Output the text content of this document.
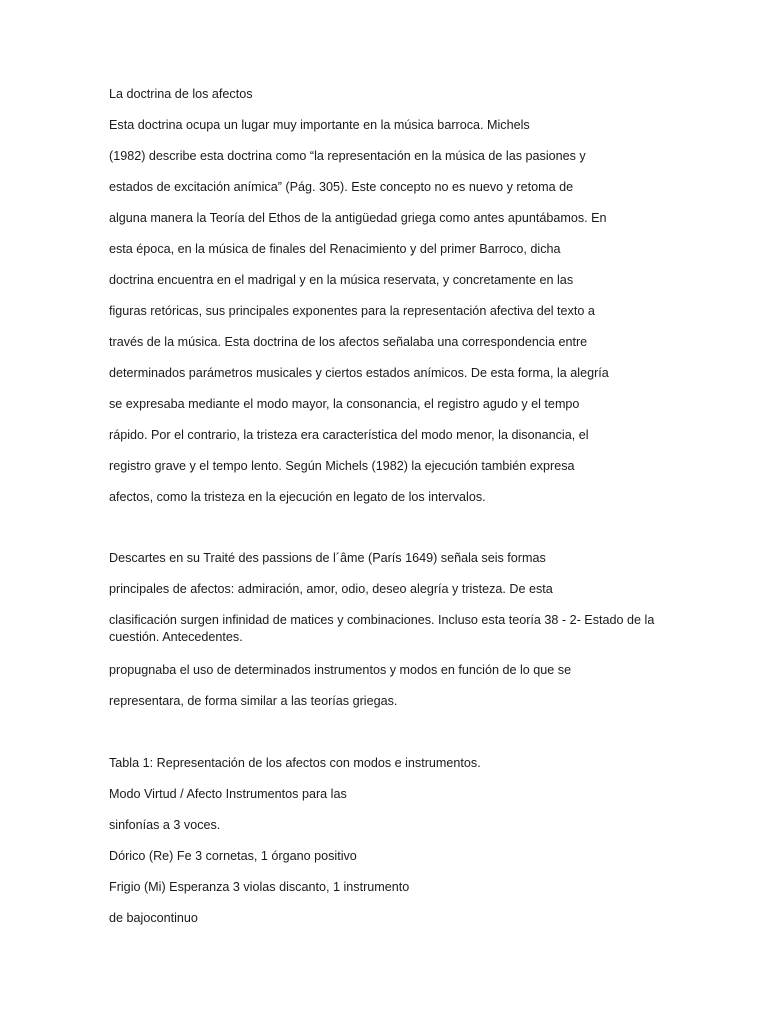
La doctrina de los afectos
Esta doctrina ocupa un lugar muy importante en la música barroca. Michels
(1982) describe esta doctrina como “la representación en la música de las pasiones y
estados de excitación anímica” (Pág. 305). Este concepto no es nuevo y retoma de
alguna manera la Teoría del Ethos de la antigüedad griega como antes apuntábamos. En
esta época, en la música de finales del Renacimiento y del primer Barroco, dicha
doctrina encuentra en el madrigal y en la música reservata, y concretamente en las
figuras retóricas, sus principales exponentes para la representación afectiva del texto a
través de la música. Esta doctrina de los afectos señalaba una correspondencia entre
determinados parámetros musicales y ciertos estados anímicos. De esta forma, la alegría
se expresaba mediante el modo mayor, la consonancia, el registro agudo y el tempo
rápido. Por el contrario, la tristeza era característica del modo menor, la disonancia, el
registro grave y el tempo lento. Según Michels (1982) la ejecución también expresa
afectos, como la tristeza en la ejecución en legato de los intervalos.
Descartes en su Traité des passions de l´âme (París 1649) señala seis formas
principales de afectos: admiración, amor, odio, deseo alegría y tristeza. De esta
clasificación surgen infinidad de matices y combinaciones. Incluso esta teoría 38 - 2- Estado de la cuestión. Antecedentes.
propugnaba el uso de determinados instrumentos y modos en función de lo que se
representara, de forma similar a las teorías griegas.
Tabla 1: Representación de los afectos con modos e instrumentos.
Modo Virtud / Afecto Instrumentos para las
sinfonías a 3 voces.
Dórico (Re) Fe 3 cornetas, 1 órgano positivo
Frigio (Mi) Esperanza 3 violas discanto, 1 instrumento
de bajocontinuo
